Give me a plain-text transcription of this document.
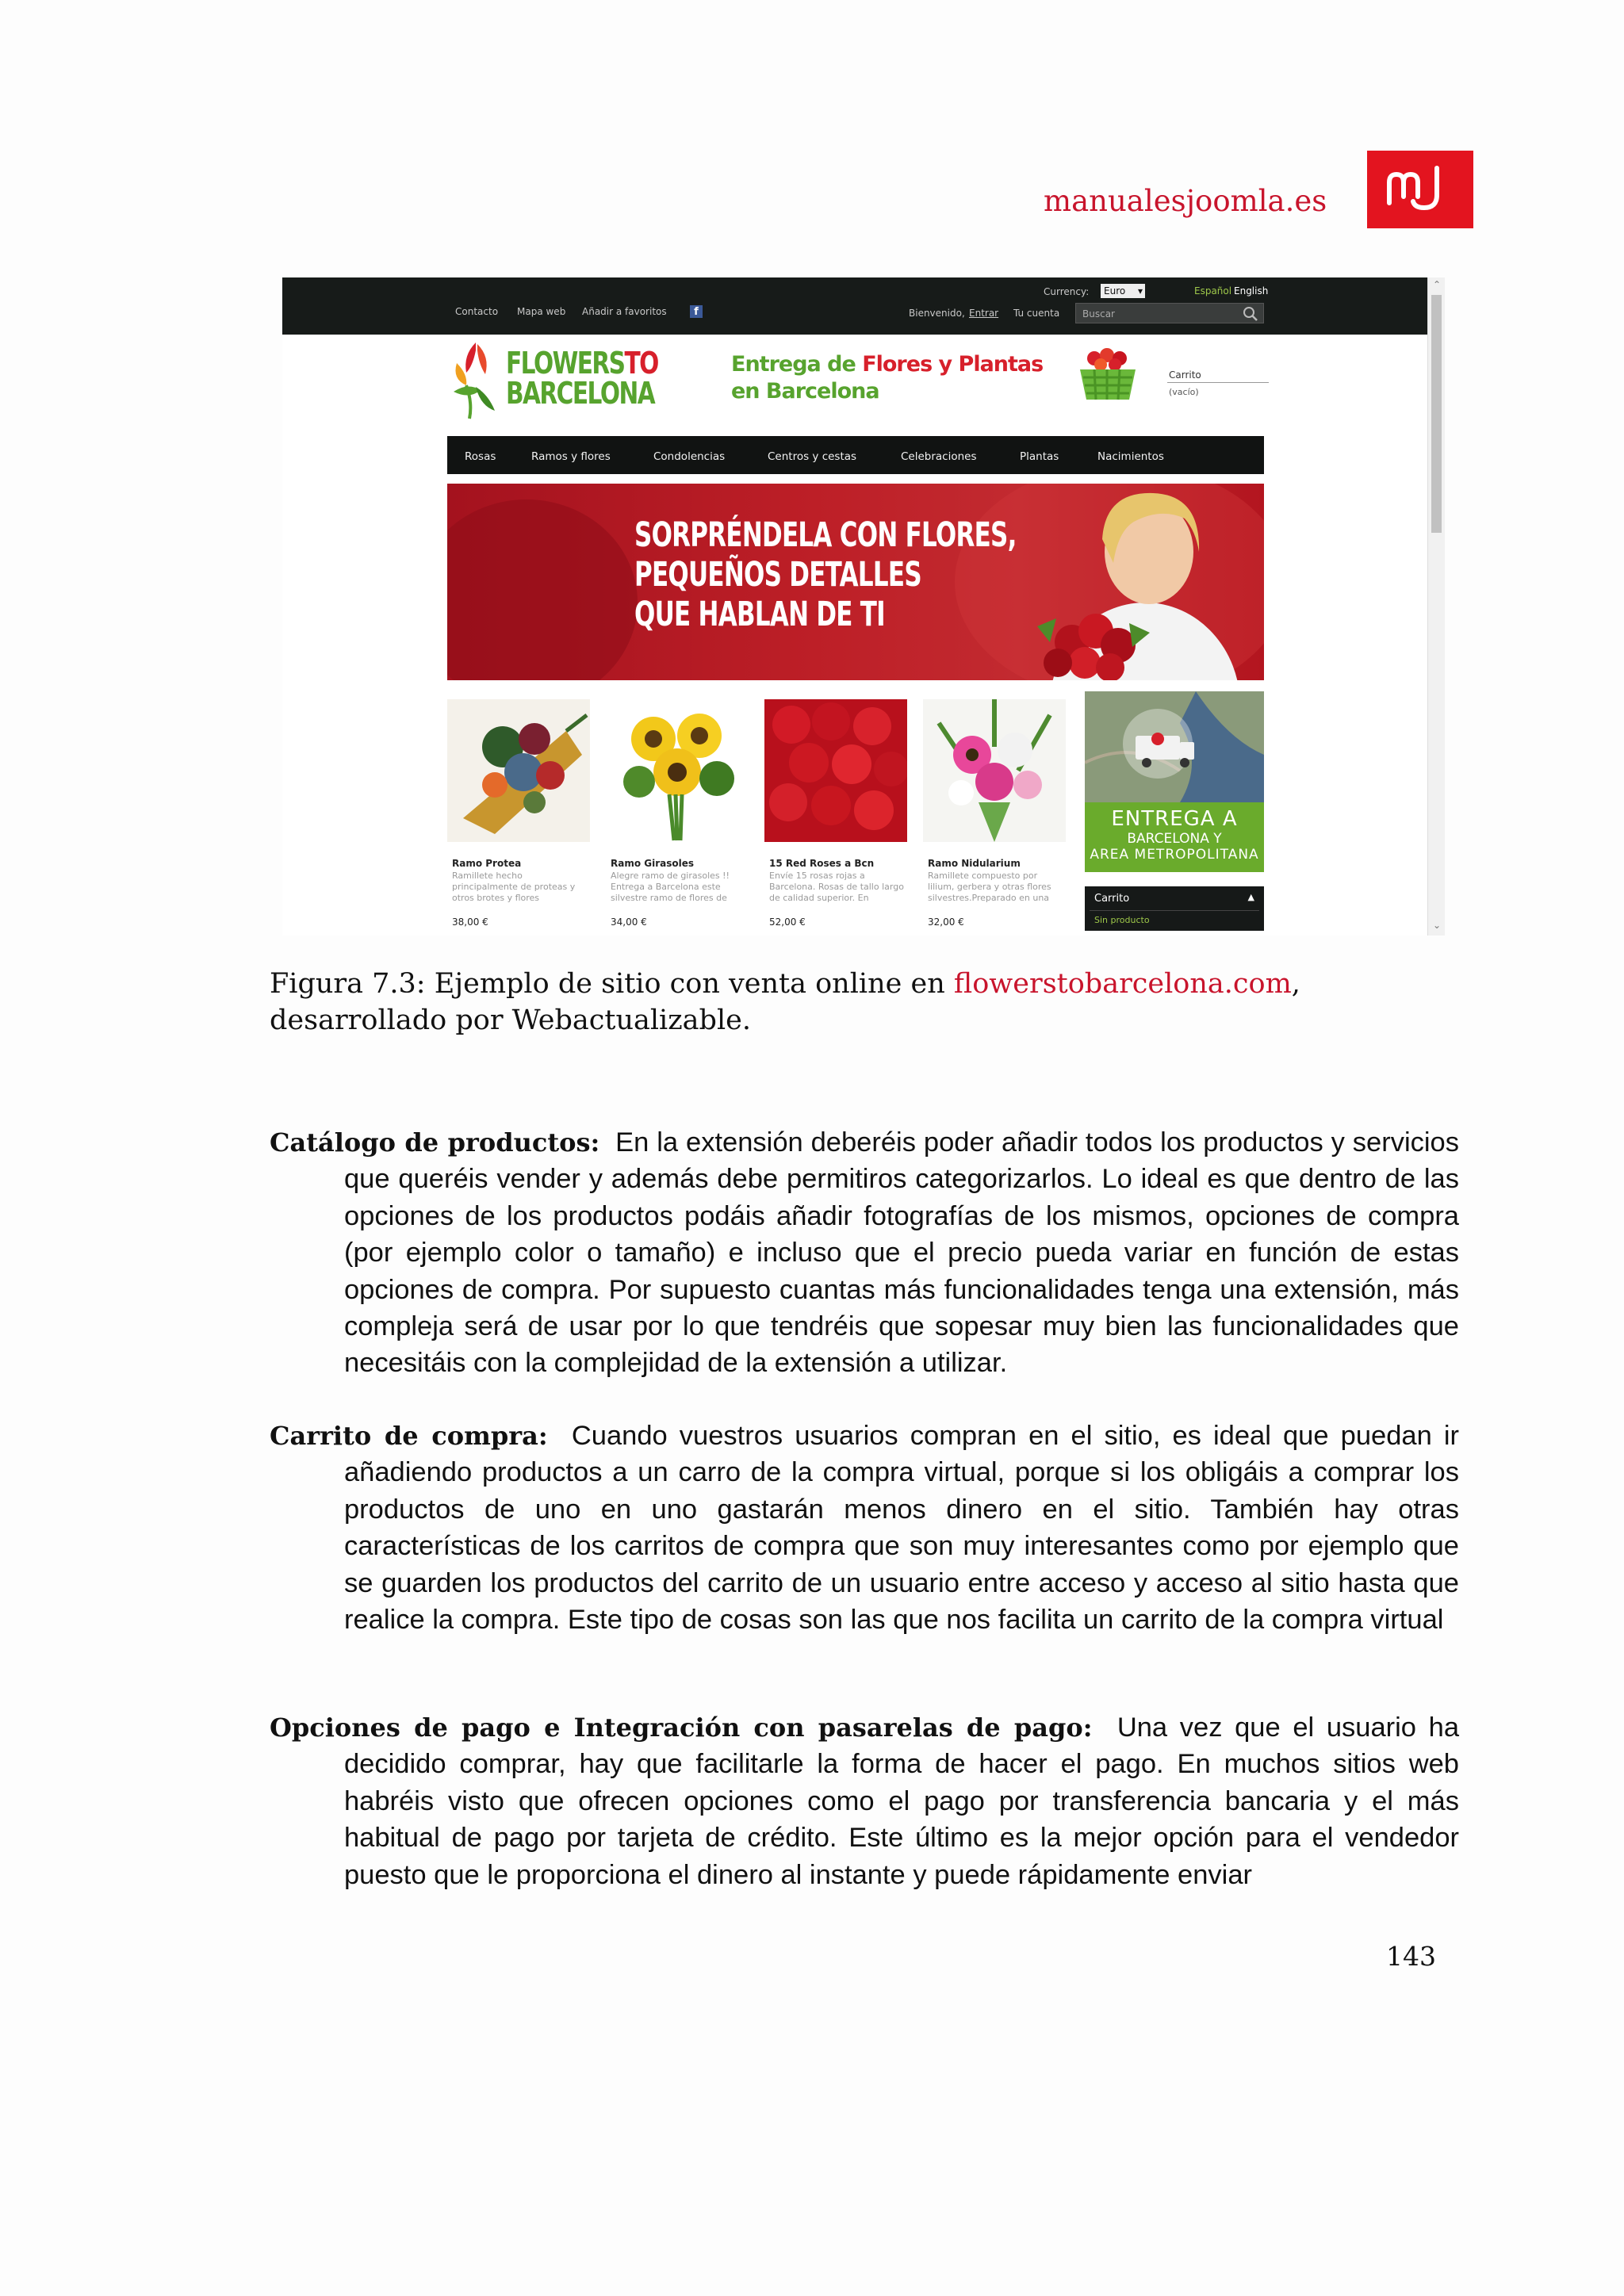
manualesjoomla.es
Currency:	Euro ▾	Español English
Contacto Mapa web Añadir a favoritos	f	Bienvenido, Entrar Tu cuenta
Buscar
⌃
⌄
FLOWERSTO
BARCELONA
Entrega de Flores y Plantas
en Barcelona
Carrito
(vacío)
Rosas	Ramos y flores	Condolencias	Centros y cestas	Celebraciones	Plantas	Nacimientos
SORPRÉNDELA CON FLORES,
PEQUEÑOS DETALLES
QUE HABLAN DE TI
Ramo Protea
Ramillete hecho principalmente de proteas y otros brotes y flores
38,00 €
Ramo Girasoles
Alegre ramo de girasoles !! Entrega a Barcelona este silvestre ramo de flores de
34,00 €
15 Red Roses a Bcn
Envíe 15 rosas rojas a Barcelona. Rosas de tallo largo de calidad superior. En
52,00 €
Ramo Nidularium
Ramillete compuesto por lilium, gerbera y otras flores silvestres.Preparado en una
32,00 €
ENTREGA A
BARCELONA Y
AREA METROPOLITANA
Carrito	▲
Sin producto
Figura 7.3: Ejemplo de sitio con venta online en flowerstobarcelona.com, desarrollado por Webactualizable.

Catálogo de productos: En la extensión deberéis poder añadir todos los productos y servicios que queréis vender y además debe permitiros categorizarlos. Lo ideal es que dentro de las opciones de los productos podáis añadir fotografías de los mismos, opciones de compra (por ejemplo color o tamaño) e incluso que el precio pueda variar en función de estas opciones de compra. Por supuesto cuantas más funcionalidades tenga una extensión, más compleja será de usar por lo que tendréis que sopesar muy bien las funcionalidades que necesitáis con la complejidad de la extensión a utilizar.

Carrito de compra: Cuando vuestros usuarios compran en el sitio, es ideal que puedan ir añadiendo productos a un carro de la compra virtual, porque si los obligáis a comprar los productos de uno en uno gastarán menos dinero en el sitio. También hay otras características de los carritos de compra que son muy interesantes como por ejemplo que se guarden los productos del carrito de un usuario entre acceso y acceso al sitio hasta que realice la compra. Este tipo de cosas son las que nos facilita un carrito de la compra virtual

Opciones de pago e Integración con pasarelas de pago: Una vez que el usuario ha decidido comprar, hay que facilitarle la forma de hacer el pago. En muchos sitios web habréis visto que ofrecen opciones como el pago por transferencia bancaria y el más habitual de pago por tarjeta de crédito. Este último es la mejor opción para el vendedor puesto que le proporciona el dinero al instante y puede rápidamente enviar

143
